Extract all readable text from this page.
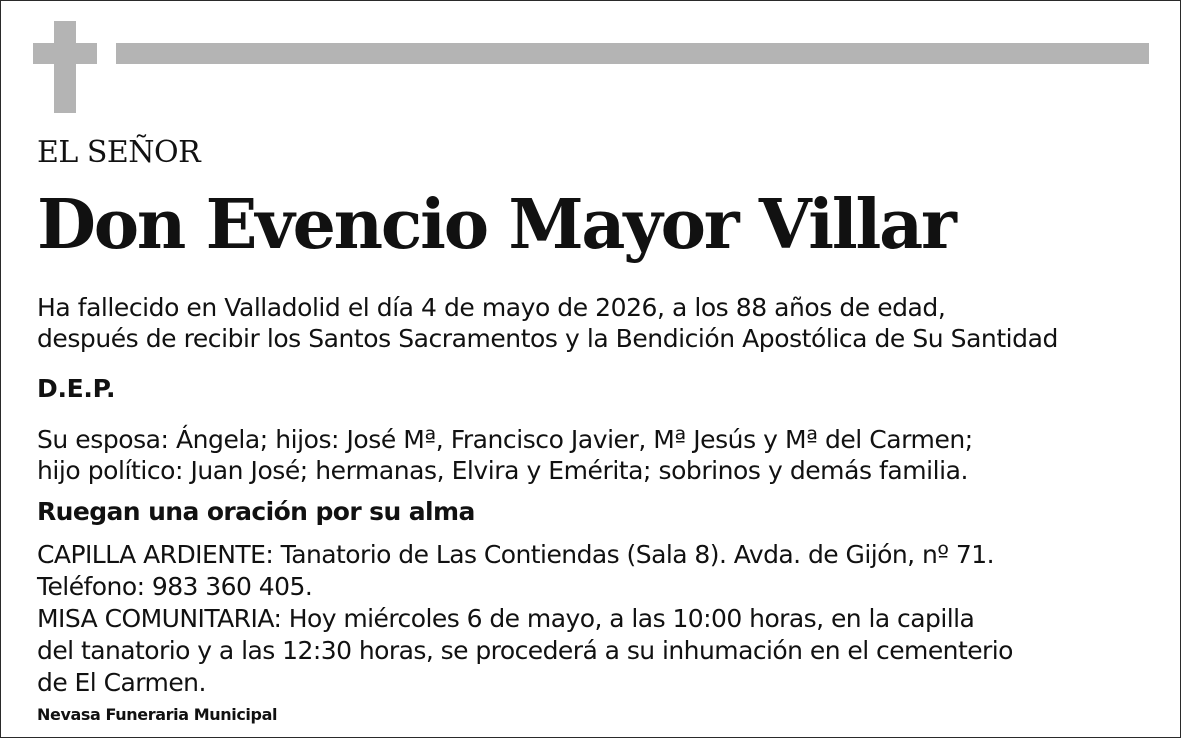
EL SEÑOR
Don Evencio Mayor Villar
Ha fallecido en Valladolid el día 4 de mayo de 2026, a los 88 años de edad,
después de recibir los Santos Sacramentos y la Bendición Apostólica de Su Santidad
D.E.P.
Su esposa: Ángela; hijos: José Mª, Francisco Javier, Mª Jesús y Mª del Carmen;
hijo político: Juan José; hermanas, Elvira y Emérita; sobrinos y demás familia.
Ruegan una oración por su alma
CAPILLA ARDIENTE: Tanatorio de Las Contiendas (Sala 8). Avda. de Gijón, nº 71.
Teléfono: 983 360 405.
MISA COMUNITARIA: Hoy miércoles 6 de mayo, a las 10:00 horas, en la capilla
del tanatorio y a las 12:30 horas, se procederá a su inhumación en el cementerio
de El Carmen.
Nevasa Funeraria Municipal
